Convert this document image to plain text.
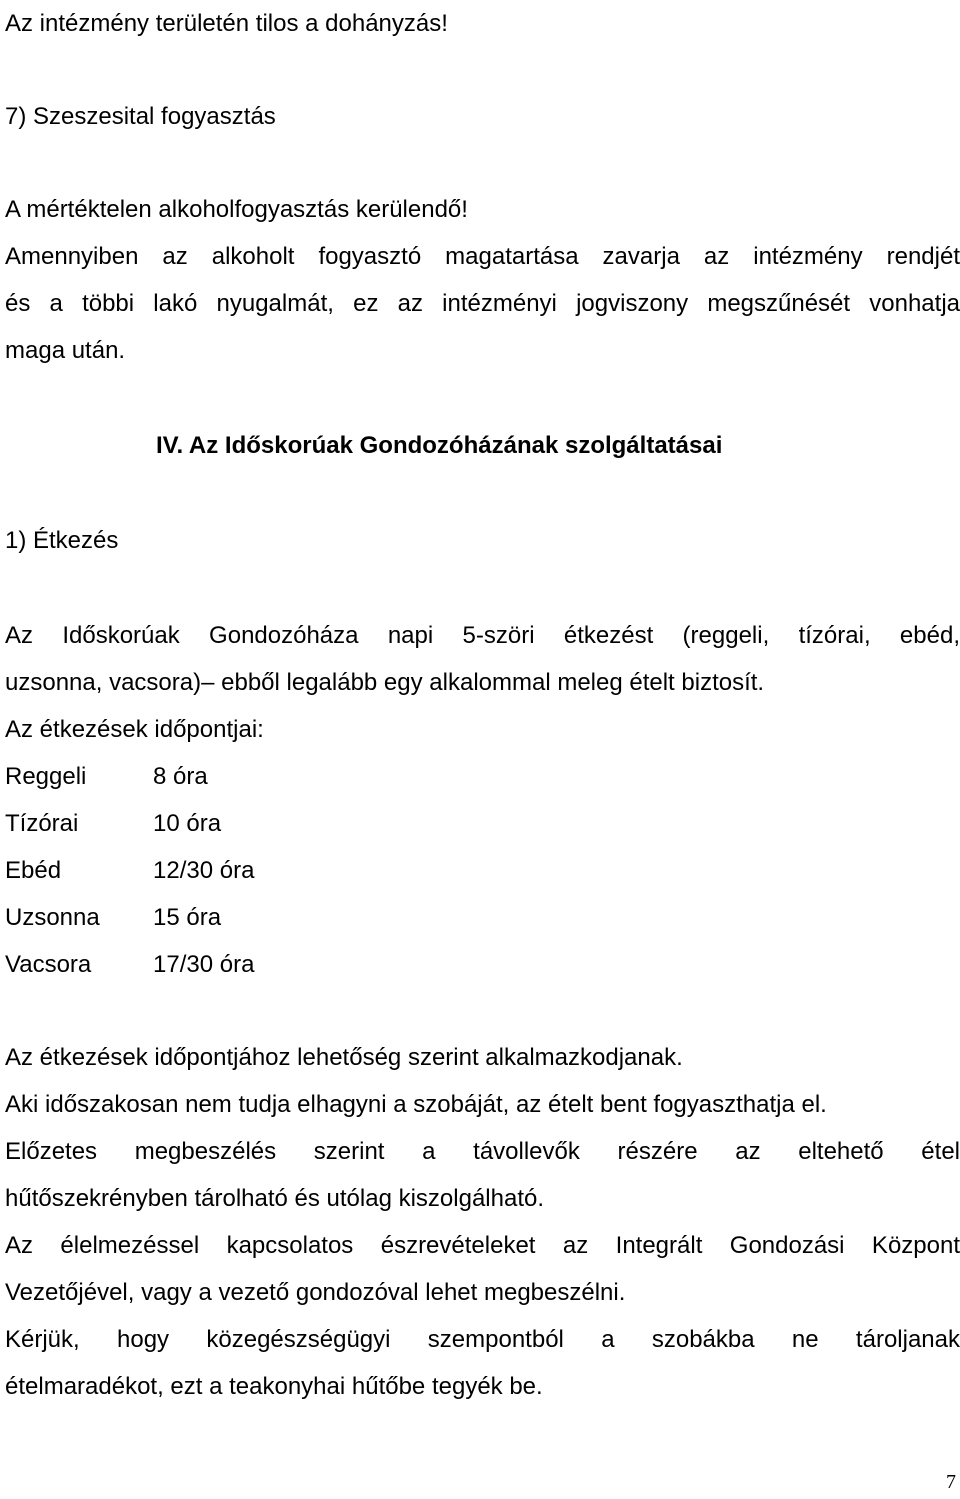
Az intézmény területén tilos a dohányzás!

7) Szeszesital fogyasztás

A mértéktelen alkoholfogyasztás kerülendő!

Amennyiben az alkoholt fogyasztó magatartása zavarja az intézmény rendjét

és a többi lakó nyugalmát, ez az intézményi jogviszony megszűnését vonhatja

maga után.

IV. Az Időskorúak Gondozóházának szolgáltatásai

1) Étkezés

Az Időskorúak Gondozóháza napi 5-szöri étkezést (reggeli, tízórai, ebéd,

uzsonna, vacsora)– ebből legalább egy alkalommal meleg ételt biztosít.

Az étkezések időpontjai:

Reggeli	8 óra
Tízórai	10 óra
Ebéd	12/30 óra
Uzsonna	15 óra
Vacsora	17/30 óra

Az étkezések időpontjához lehetőség szerint alkalmazkodjanak.

Aki időszakosan nem tudja elhagyni a szobáját, az ételt bent fogyaszthatja el.

Előzetes megbeszélés szerint a távollevők részére az eltehető étel

hűtőszekrényben tárolható és utólag kiszolgálható.

Az élelmezéssel kapcsolatos észrevételeket az Integrált Gondozási Központ

Vezetőjével, vagy a vezető gondozóval lehet megbeszélni.

Kérjük, hogy közegészségügyi szempontból a szobákba ne tároljanak

ételmaradékot, ezt a teakonyhai hűtőbe tegyék be.

7
